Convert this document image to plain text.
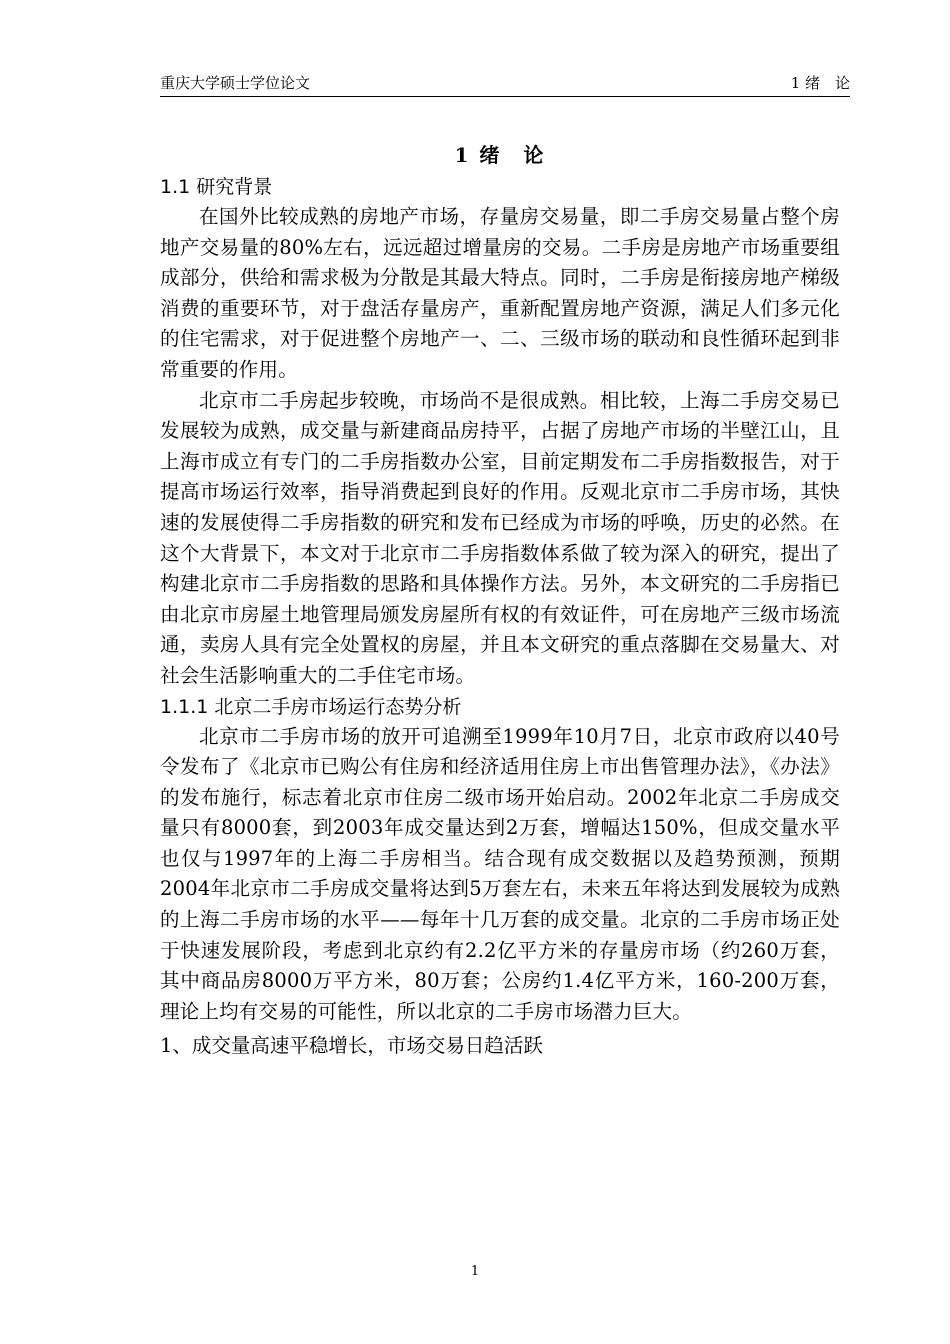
重庆大学硕士学位论文	1 绪　论
1 绪　论
1.1 研究背景

在国外比较成熟的房地产市场，存量房交易量，即二手房交易量占整个房地产交易量的80%左右，远远超过增量房的交易。二手房是房地产市场重要组成部分，供给和需求极为分散是其最大特点。同时，二手房是衔接房地产梯级消费的重要环节，对于盘活存量房产，重新配置房地产资源，满足人们多元化的住宅需求，对于促进整个房地产一、二、三级市场的联动和良性循环起到非常重要的作用。

北京市二手房起步较晚，市场尚不是很成熟。相比较，上海二手房交易已发展较为成熟，成交量与新建商品房持平，占据了房地产市场的半壁江山，且上海市成立有专门的二手房指数办公室，目前定期发布二手房指数报告，对于提高市场运行效率，指导消费起到良好的作用。反观北京市二手房市场，其快速的发展使得二手房指数的研究和发布已经成为市场的呼唤，历史的必然。在这个大背景下，本文对于北京市二手房指数体系做了较为深入的研究，提出了构建北京市二手房指数的思路和具体操作方法。另外，本文研究的二手房指已由北京市房屋土地管理局颁发房屋所有权的有效证件，可在房地产三级市场流通，卖房人具有完全处置权的房屋，并且本文研究的重点落脚在交易量大、对社会生活影响重大的二手住宅市场。

1.1.1 北京二手房市场运行态势分析

北京市二手房市场的放开可追溯至1999年10月7日，北京市政府以40号令发布了《北京市已购公有住房和经济适用住房上市出售管理办法》，《办法》的发布施行，标志着北京市住房二级市场开始启动。2002年北京二手房成交量只有8000套，到2003年成交量达到2万套，增幅达150%，但成交量水平也仅与1997年的上海二手房相当。结合现有成交数据以及趋势预测，预期2004年北京市二手房成交量将达到5万套左右，未来五年将达到发展较为成熟的上海二手房市场的水平——每年十几万套的成交量。北京的二手房市场正处于快速发展阶段，考虑到北京约有2.2亿平方米的存量房市场（约260万套，其中商品房8000万平方米，80万套；公房约1.4亿平方米，160-200万套，理论上均有交易的可能性，所以北京的二手房市场潜力巨大。

1、成交量高速平稳增长，市场交易日趋活跃

1
